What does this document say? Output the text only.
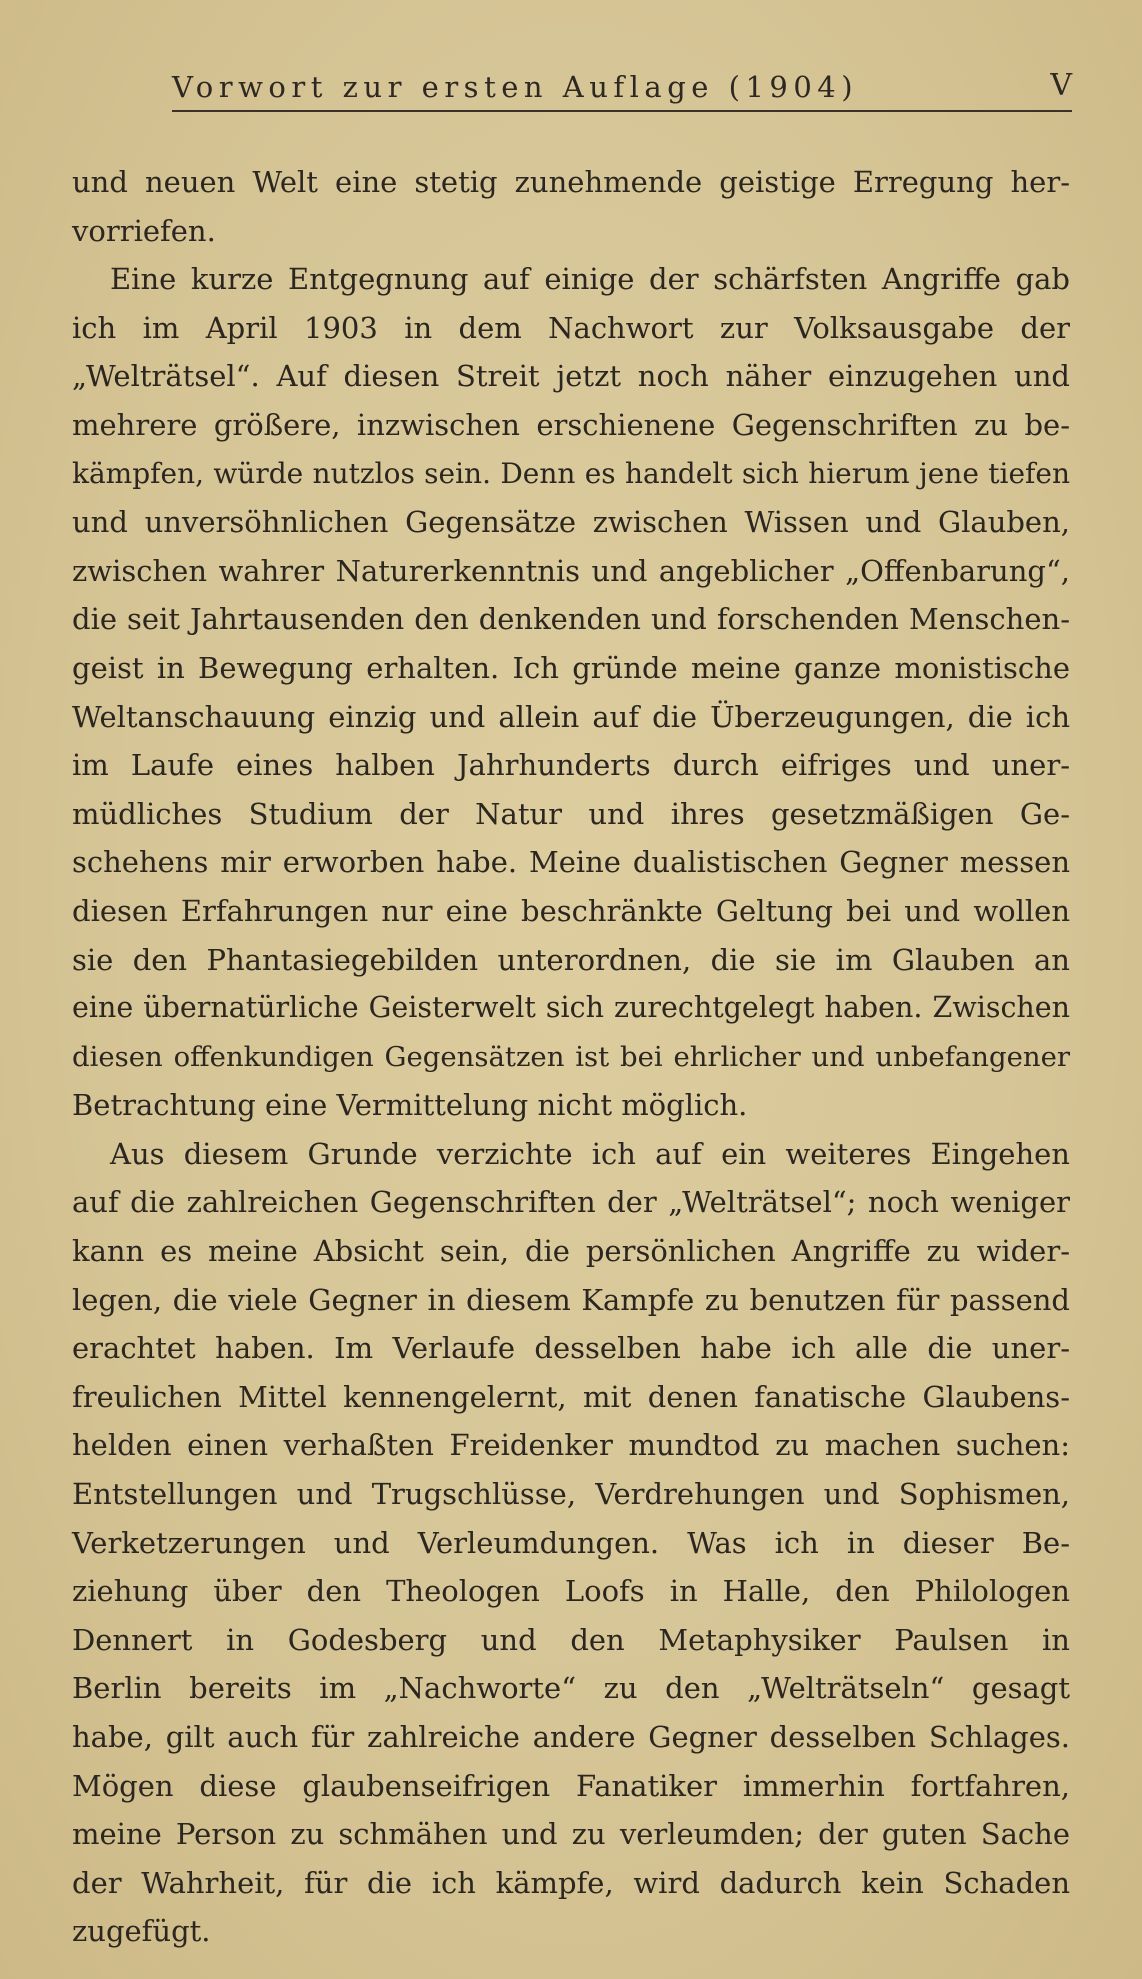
Vorwort zur ersten Auflage (1904)	V
und neuen Welt eine stetig zunehmende geistige Erregung her-
vorriefen.
Eine kurze Entgegnung auf einige der schärfsten Angriffe gab
ich im April 1903 in dem Nachwort zur Volksausgabe der
„Welträtsel“. Auf diesen Streit jetzt noch näher einzugehen und
mehrere größere, inzwischen erschienene Gegenschriften zu be-
kämpfen, würde nutzlos sein. Denn es handelt sich hierum jene tiefen
und unversöhnlichen Gegensätze zwischen Wissen und Glauben,
zwischen wahrer Naturerkenntnis und angeblicher „Offenbarung“,
die seit Jahrtausenden den denkenden und forschenden Menschen-
geist in Bewegung erhalten. Ich gründe meine ganze monistische
Weltanschauung einzig und allein auf die Überzeugungen, die ich
im Laufe eines halben Jahrhunderts durch eifriges und uner-
müdliches Studium der Natur und ihres gesetzmäßigen Ge-
schehens mir erworben habe. Meine dualistischen Gegner messen
diesen Erfahrungen nur eine beschränkte Geltung bei und wollen
sie den Phantasiegebilden unterordnen, die sie im Glauben an
eine übernatürliche Geisterwelt sich zurechtgelegt haben. Zwischen
diesen offenkundigen Gegensätzen ist bei ehrlicher und unbefangener
Betrachtung eine Vermittelung nicht möglich.
Aus diesem Grunde verzichte ich auf ein weiteres Eingehen
auf die zahlreichen Gegenschriften der „Welträtsel“; noch weniger
kann es meine Absicht sein, die persönlichen Angriffe zu wider-
legen, die viele Gegner in diesem Kampfe zu benutzen für passend
erachtet haben. Im Verlaufe desselben habe ich alle die uner-
freulichen Mittel kennengelernt, mit denen fanatische Glaubens-
helden einen verhaßten Freidenker mundtod zu machen suchen:
Entstellungen und Trugschlüsse, Verdrehungen und Sophismen,
Verketzerungen und Verleumdungen. Was ich in dieser Be-
ziehung über den Theologen Loofs in Halle, den Philologen
Dennert in Godesberg und den Metaphysiker Paulsen in
Berlin bereits im „Nachworte“ zu den „Welträtseln“ gesagt
habe, gilt auch für zahlreiche andere Gegner desselben Schlages.
Mögen diese glaubenseifrigen Fanatiker immerhin fortfahren,
meine Person zu schmähen und zu verleumden; der guten Sache
der Wahrheit, für die ich kämpfe, wird dadurch kein Schaden
zugefügt.
